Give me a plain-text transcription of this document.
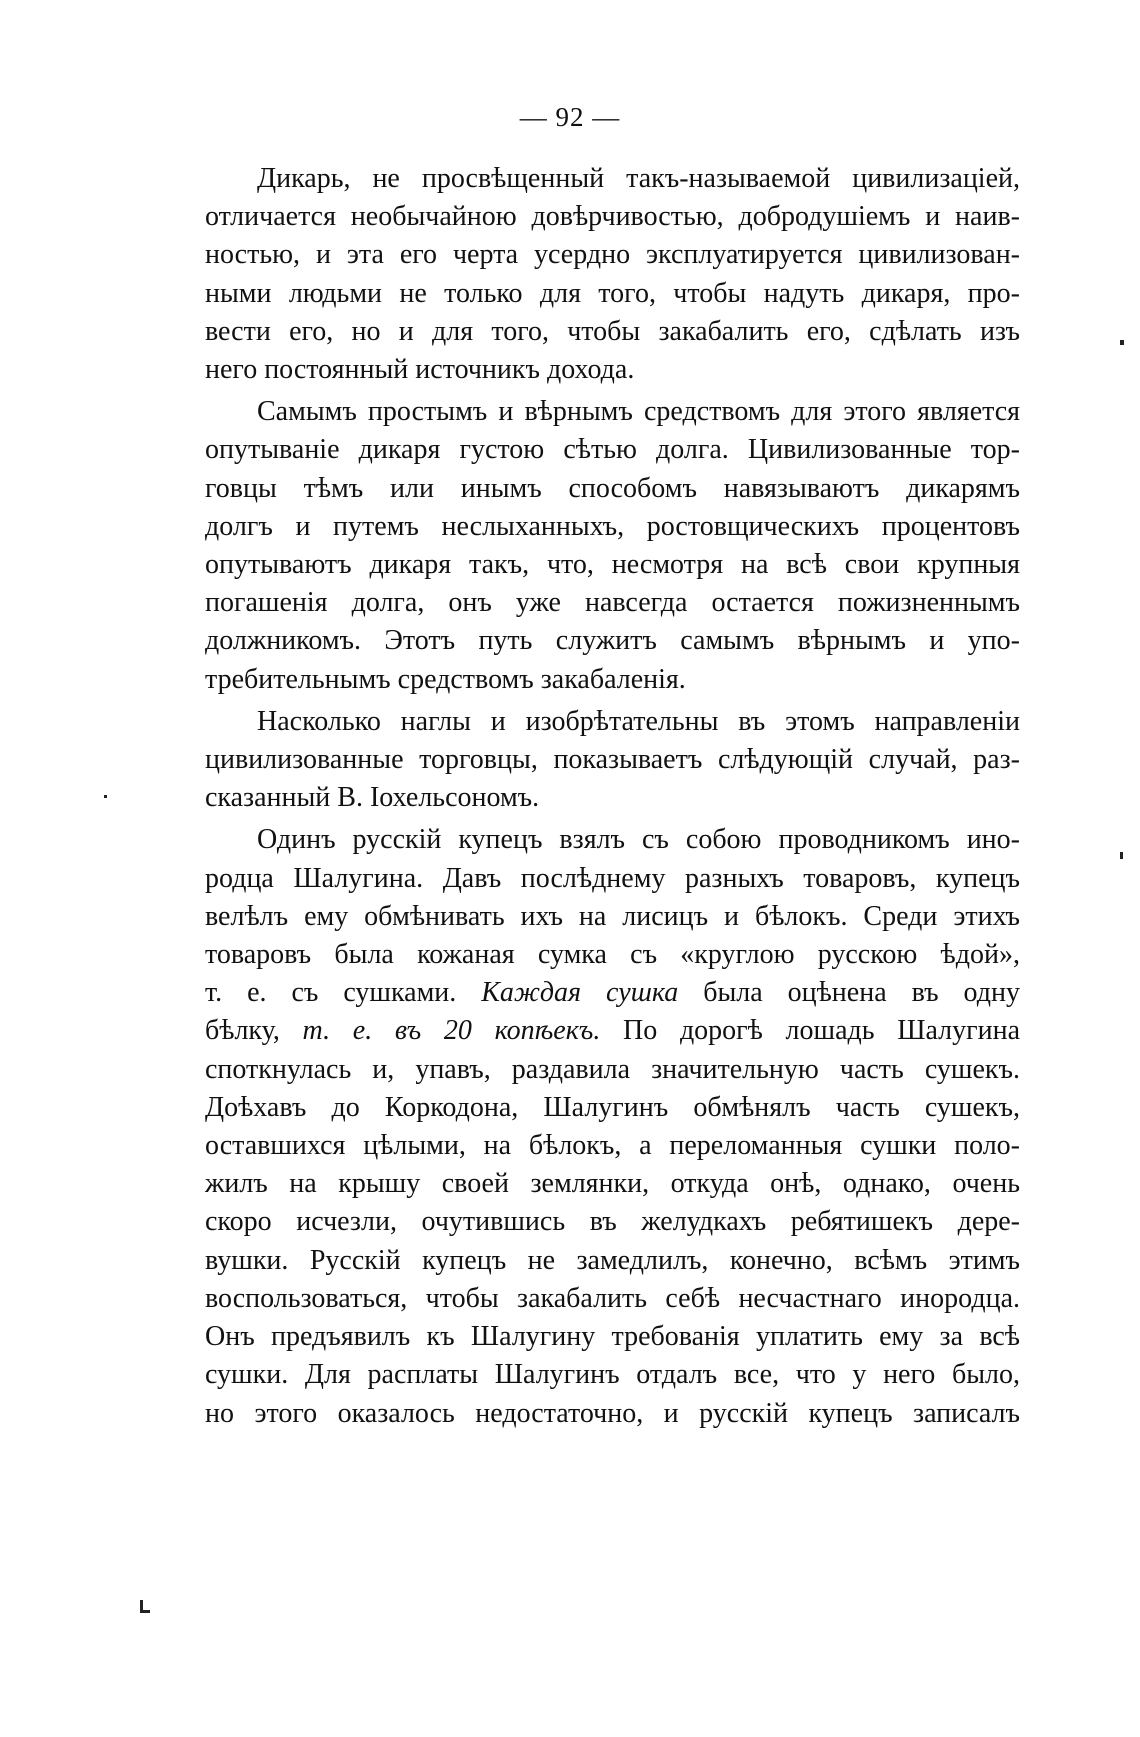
— 92 —
Дикарь, не просвѣщенный такъ-называемой цивилизацiей,
отличается необычайною довѣрчивостью, добродушiемъ и наив-
ностью, и эта его черта усердно эксплуатируется цивилизован-
ными людьми не только для того, чтобы надуть дикаря, про-
вести его, но и для того, чтобы закабалить его, сдѣлать изъ
него постоянный источникъ дохода.
Самымъ простымъ и вѣрнымъ средствомъ для этого является
опутыванiе дикаря густою сѣтью долга. Цивилизованные тор-
говцы тѣмъ или инымъ способомъ навязываютъ дикарямъ
долгъ и путемъ неслыханныхъ, ростовщическихъ процентовъ
опутываютъ дикаря такъ, что, несмотря на всѣ свои крупныя
погашенiя долга, онъ уже навсегда остается пожизненнымъ
должникомъ. Этотъ путь служитъ самымъ вѣрнымъ и упо-
требительнымъ средствомъ закабаленiя.
Насколько наглы и изобрѣтательны въ этомъ направленiи
цивилизованные торговцы, показываетъ слѣдующiй случай, раз-
сказанный В. Iохельсономъ.
Одинъ русскiй купецъ взялъ съ собою проводникомъ ино-
родца Шалугина. Давъ послѣднему разныхъ товаровъ, купецъ
велѣлъ ему обмѣнивать ихъ на лисицъ и бѣлокъ. Среди этихъ
товаровъ была кожаная сумка съ «круглою русскою ѣдой»,
т. е. съ сушками. Каждая сушка была оцѣнена въ одну
бѣлку, т. е. въ 20 копѣекъ. По дорогѣ лошадь Шалугина
споткнулась и, упавъ, раздавила значительную часть сушекъ.
Доѣхавъ до Коркодона, Шалугинъ обмѣнялъ часть сушекъ,
оставшихся цѣлыми, на бѣлокъ, а переломанныя сушки поло-
жилъ на крышу своей землянки, откуда онѣ, однако, очень
скоро исчезли, очутившись въ желудкахъ ребятишекъ дере-
вушки. Русскiй купецъ не замедлилъ, конечно, всѣмъ этимъ
воспользоваться, чтобы закабалить себѣ несчастнаго инородца.
Онъ предъявилъ къ Шалугину требованiя уплатить ему за всѣ
сушки. Для расплаты Шалугинъ отдалъ все, что у него было,
но этого оказалось недостаточно, и русскiй купецъ записалъ
